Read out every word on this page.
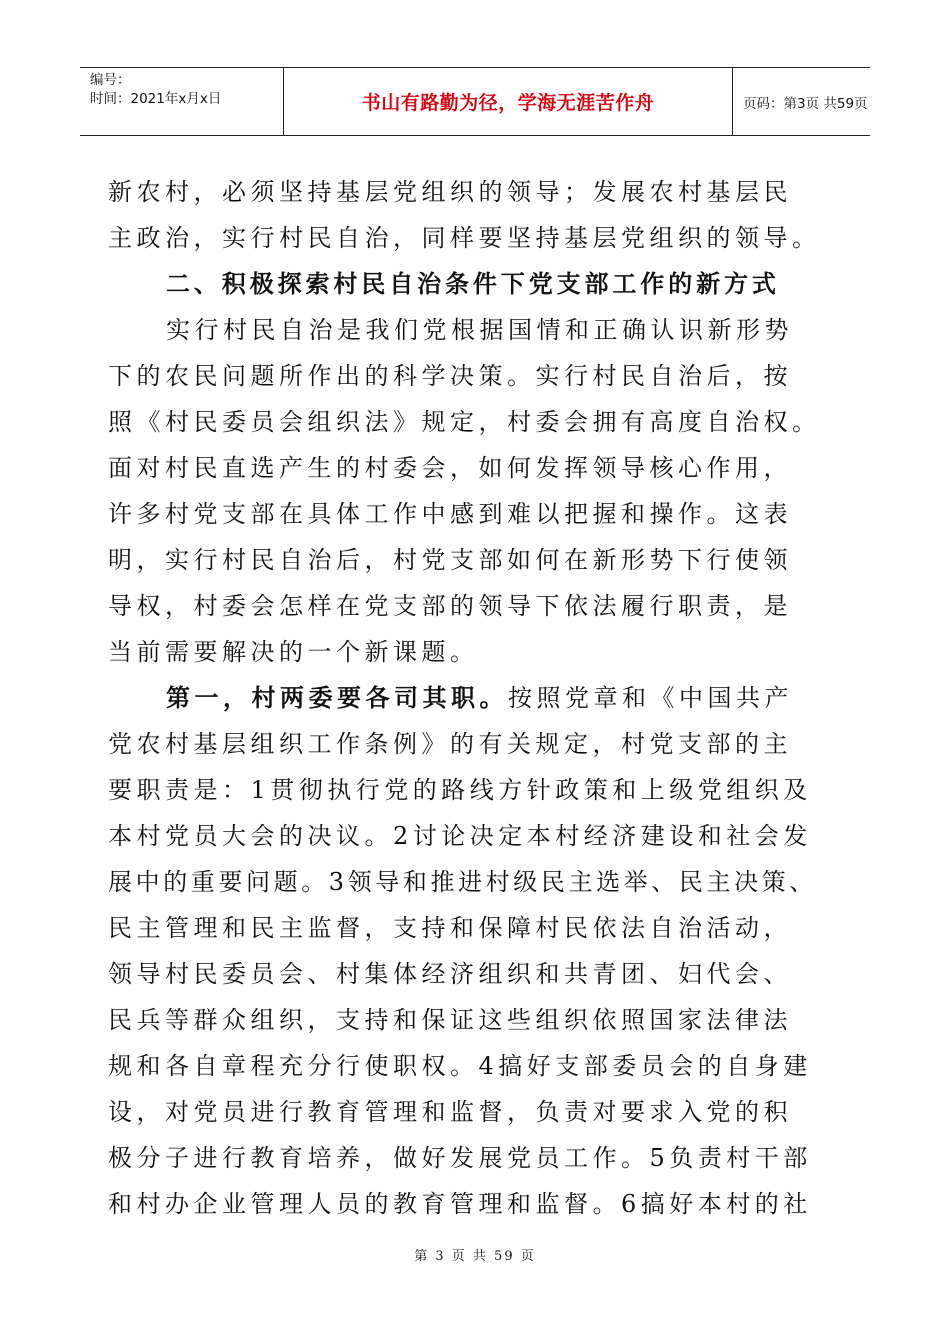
编号：
时间：2021年x月x日	书山有路勤为径，学海无涯苦作舟	页码：第3页 共59页
新农村，必须坚持基层党组织的领导；发展农村基层民
主政治，实行村民自治，同样要坚持基层党组织的领导。
二、积极探索村民自治条件下党支部工作的新方式
实行村民自治是我们党根据国情和正确认识新形势
下的农民问题所作出的科学决策。实行村民自治后，按
照《村民委员会组织法》规定，村委会拥有高度自治权。
面对村民直选产生的村委会，如何发挥领导核心作用，
许多村党支部在具体工作中感到难以把握和操作。这表
明，实行村民自治后，村党支部如何在新形势下行使领
导权，村委会怎样在党支部的领导下依法履行职责，是
当前需要解决的一个新课题。
第一，村两委要各司其职。按照党章和《中国共产
党农村基层组织工作条例》的有关规定，村党支部的主
要职责是：1贯彻执行党的路线方针政策和上级党组织及
本村党员大会的决议。2讨论决定本村经济建设和社会发
展中的重要问题。3领导和推进村级民主选举、民主决策、
民主管理和民主监督，支持和保障村民依法自治活动，
领导村民委员会、村集体经济组织和共青团、妇代会、
民兵等群众组织，支持和保证这些组织依照国家法律法
规和各自章程充分行使职权。4搞好支部委员会的自身建
设，对党员进行教育管理和监督，负责对要求入党的积
极分子进行教育培养，做好发展党员工作。5负责村干部
和村办企业管理人员的教育管理和监督。6搞好本村的社
第 3 页 共 59 页
